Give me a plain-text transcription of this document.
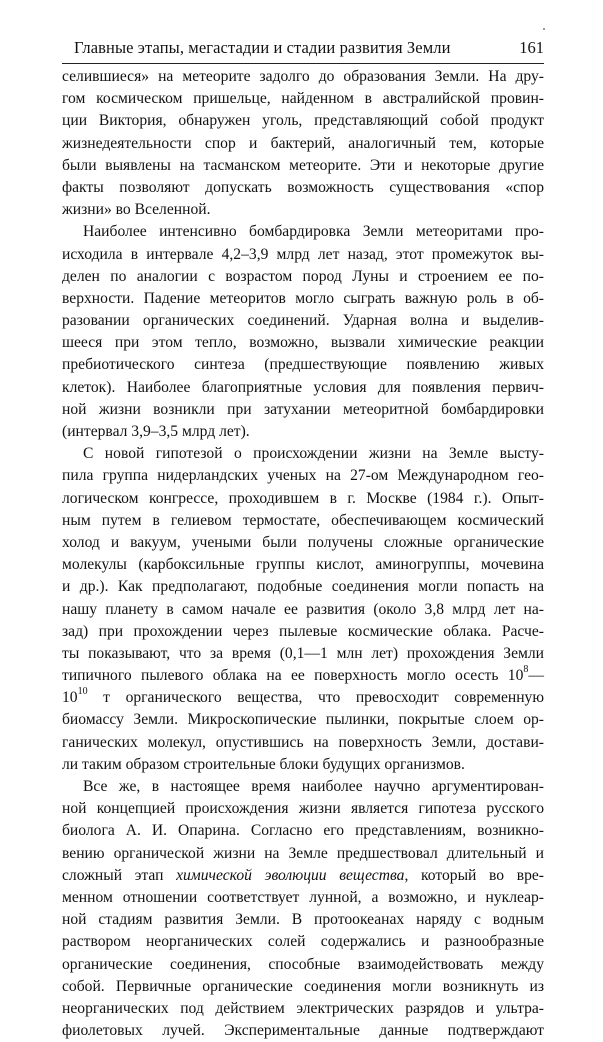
Главные этапы, мегастадии и стадии развития Земли	161

селившиеся» на метеорите задолго до образования Земли. На дру-
гом космическом пришельце, найденном в австралийской провин-
ции Виктория, обнаружен уголь, представляющий собой продукт
жизнедеятельности спор и бактерий, аналогичный тем, которые
были выявлены на тасманском метеорите. Эти и некоторые другие
факты позволяют допускать возможность существования «спор
жизни» во Вселенной.

Наиболее интенсивно бомбардировка Земли метеоритами про-
исходила в интервале 4,2–3,9 млрд лет назад, этот промежуток вы-
делен по аналогии с возрастом пород Луны и строением ее по-
верхности. Падение метеоритов могло сыграть важную роль в об-
разовании органических соединений. Ударная волна и выделив-
шееся при этом тепло, возможно, вызвали химические реакции
пребиотического синтеза (предшествующие появлению живых
клеток). Наиболее благоприятные условия для появления первич-
ной жизни возникли при затухании метеоритной бомбардировки
(интервал 3,9–3,5 млрд лет).

С новой гипотезой о происхождении жизни на Земле высту-
пила группа нидерландских ученых на 27-ом Международном гео-
логическом конгрессе, проходившем в г. Москве (1984 г.). Опыт-
ным путем в гелиевом термостате, обеспечивающем космический
холод и вакуум, учеными были получены сложные органические
молекулы (карбоксильные группы кислот, аминогруппы, мочевина
и др.). Как предполагают, подобные соединения могли попасть на
нашу планету в самом начале ее развития (около 3,8 млрд лет на-
зад) при прохождении через пылевые космические облака. Расче-
ты показывают, что за время (0,1—1 млн лет) прохождения Земли
типичного пылевого облака на ее поверхность могло осесть $10^8—$
$10^{10}$ т органического вещества, что превосходит современную
биомассу Земли. Микроскопические пылинки, покрытые слоем ор-
ганических молекул, опустившись на поверхность Земли, достави-
ли таким образом строительные блоки будущих организмов.

Все же, в настоящее время наиболее научно аргументирован-
ной концепцией происхождения жизни является гипотеза русского
биолога А. И. Опарина. Согласно его представлениям, возникно-
вению органической жизни на Земле предшествовал длительный и
сложный этап химической эволюции вещества, который во вре-
менном отношении соответствует лунной, а возможно, и нуклеар-
ной стадиям развития Земли. В протоокеанах наряду с водным
раствором неорганических солей содержались и разнообразные
органические соединения, способные взаимодействовать между
собой. Первичные органические соединения могли возникнуть из
неорганических под действием электрических разрядов и ультра-
фиолетовых лучей. Экспериментальные данные подтверждают
